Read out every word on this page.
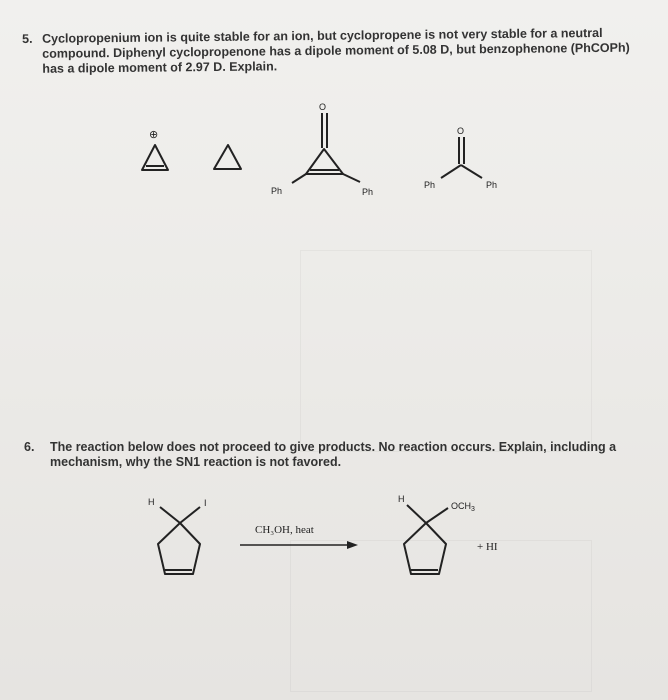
5. Cyclopropenium ion is quite stable for an ion, but cyclopropene is not very stable for a neutral compound. Diphenyl cyclopropenone has a dipole moment of 5.08 D, but benzophenone (PhCOPh) has a dipole moment of 2.97 D. Explain.
⊕
O
Ph	Ph
O
Ph	Ph
6. The reaction below does not proceed to give products. No reaction occurs. Explain, including a mechanism, why the SN1 reaction is not favored.
H	I
CH₃OH, heat
H
$OCH_3$
+ HI
